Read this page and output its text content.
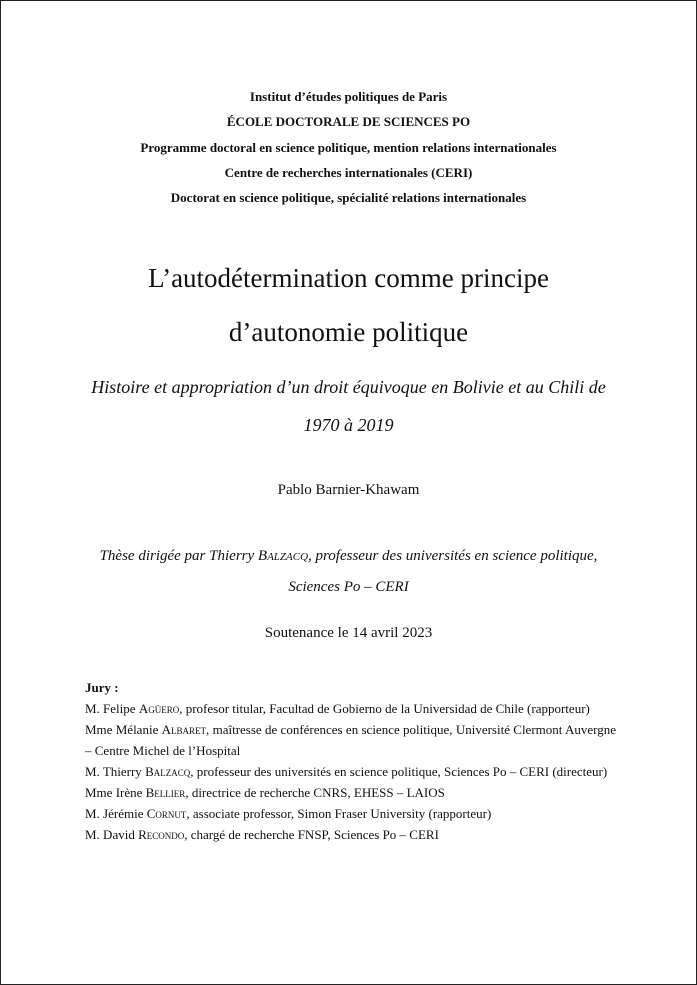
Institut d’études politiques de Paris
ÉCOLE DOCTORALE DE SCIENCES PO
Programme doctoral en science politique, mention relations internationales
Centre de recherches internationales (CERI)
Doctorat en science politique, spécialité relations internationales
L’autodétermination comme principe
d’autonomie politique
Histoire et appropriation d’un droit équivoque en Bolivie et au Chili de 1970 à 2019
Pablo Barnier-Khawam
Thèse dirigée par Thierry Balzacq, professeur des universités en science politique, Sciences Po – CERI
Soutenance le 14 avril 2023
Jury :
M. Felipe Agüero, profesor titular, Facultad de Gobierno de la Universidad de Chile (rapporteur)
Mme Mélanie Albaret, maîtresse de conférences en science politique, Université Clermont Auvergne – Centre Michel de l’Hospital
M. Thierry Balzacq, professeur des universités en science politique, Sciences Po – CERI (directeur)
Mme Irène Bellier, directrice de recherche CNRS, EHESS – LAIOS
M. Jérémie Cornut, associate professor, Simon Fraser University (rapporteur)
M. David Recondo, chargé de recherche FNSP, Sciences Po – CERI
